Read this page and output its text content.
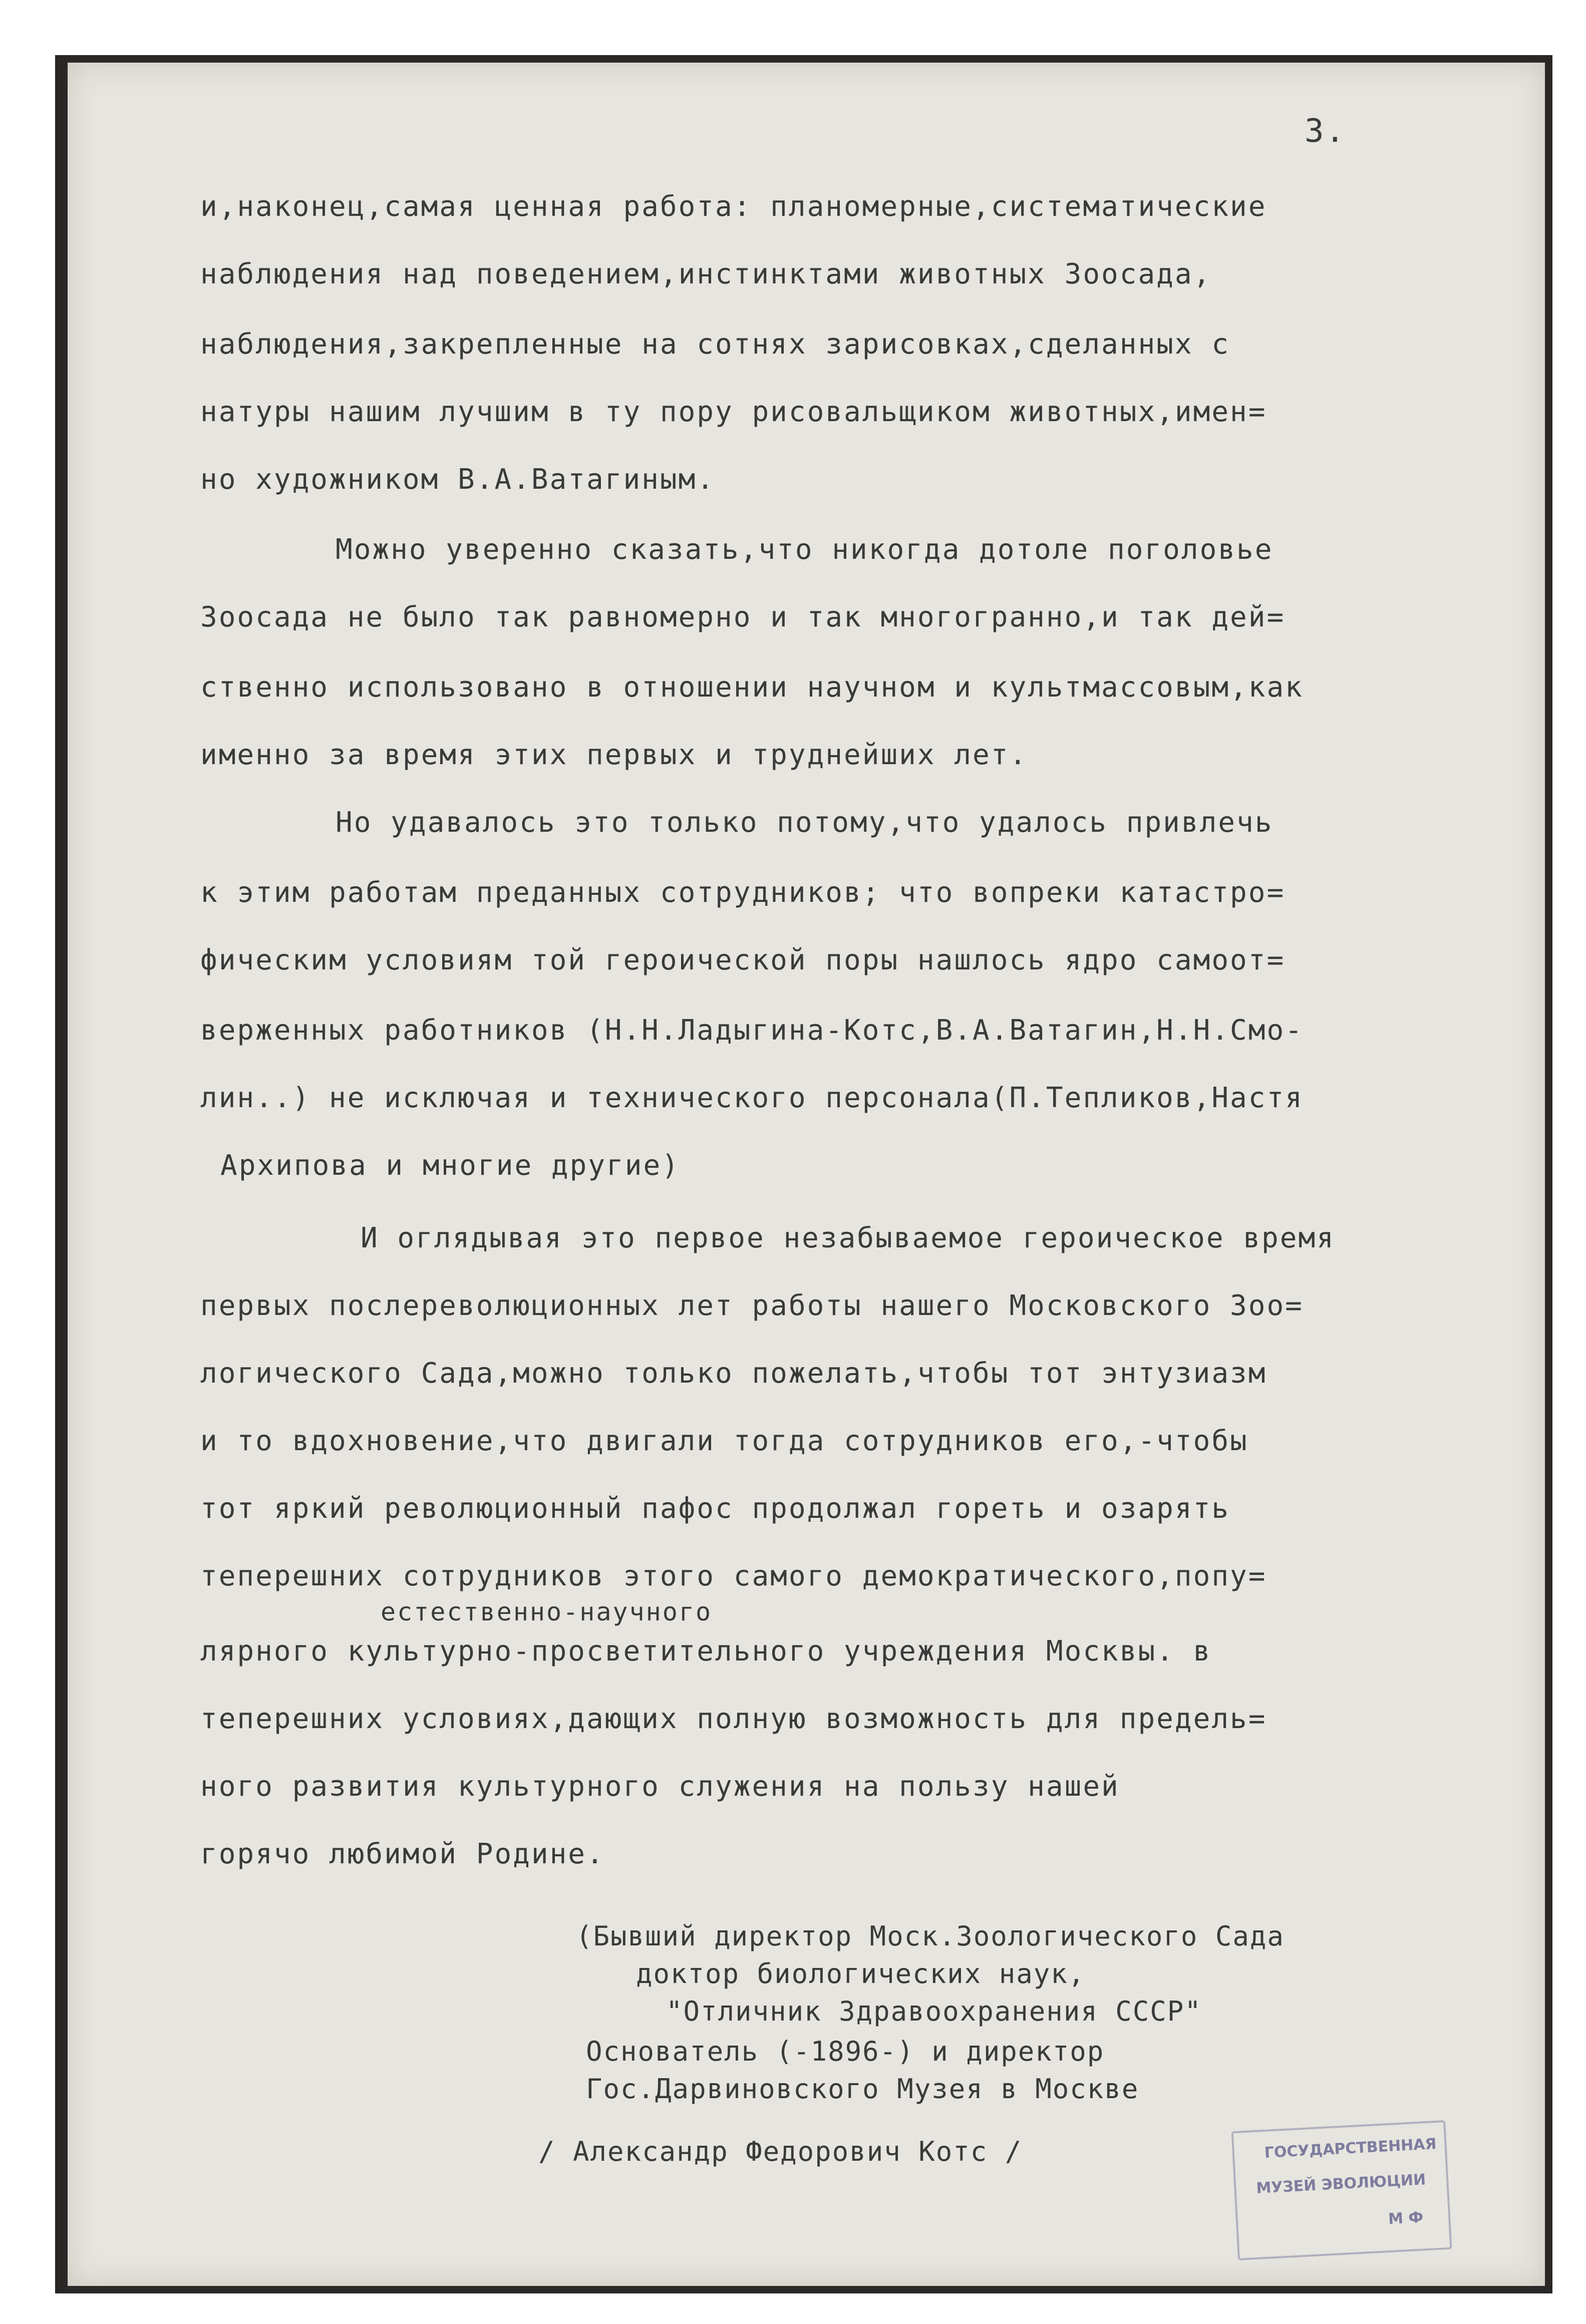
3.
и,наконец,самая ценная работа: планомерные,систематические
наблюдения над поведением,инстинктами животных Зоосада,
наблюдения,закрепленные на сотнях зарисовках,сделанных с
натуры нашим лучшим в ту пору рисовальщиком животных,имен=
но художником В.А.Ватагиным.
Можно уверенно сказать,что никогда дотоле поголовье
Зоосада не было так равномерно и так многогранно,и так дей=
ственно использовано в отношении научном и культмассовым,как
именно за время этих первых и труднейших лет.
Но удавалось это только потому,что удалось привлечь
к этим работам преданных сотрудников; что вопреки катастро=
фическим условиям той героической поры нашлось ядро самоот=
верженных работников (Н.Н.Ладыгина-Котс,В.А.Ватагин,Н.Н.Смо-
лин..) не исключая и технического персонала(П.Тепликов,Настя
Архипова и многие другие)
И оглядывая это первое незабываемое героическое время
первых послереволюционных лет работы нашего Московского Зоо=
логического Сада,можно только пожелать,чтобы тот энтузиазм
и то вдохновение,что двигали тогда сотрудников его,-чтобы
тот яркий революционный пафос продолжал гореть и озарять
теперешних сотрудников этого самого демократического,попу=
естественно-научного
лярного культурно-просветительного учреждения Москвы. в
теперешних условиях,дающих полную возможность для предель=
ного развития культурного служения на пользу нашей
горячо любимой Родине.
(Бывший директор Моск.Зоологического Сада
доктор биологических наук,
"Отличник Здравоохранения СССР"
Основатель (-1896-) и директор
Гос.Дарвиновского Музея в Москве
/ Александр Федорович Котс /	ГОСУДАРСТВЕННАЯ
МУЗЕЙ ЭВОЛЮЦИИ
М Ф
